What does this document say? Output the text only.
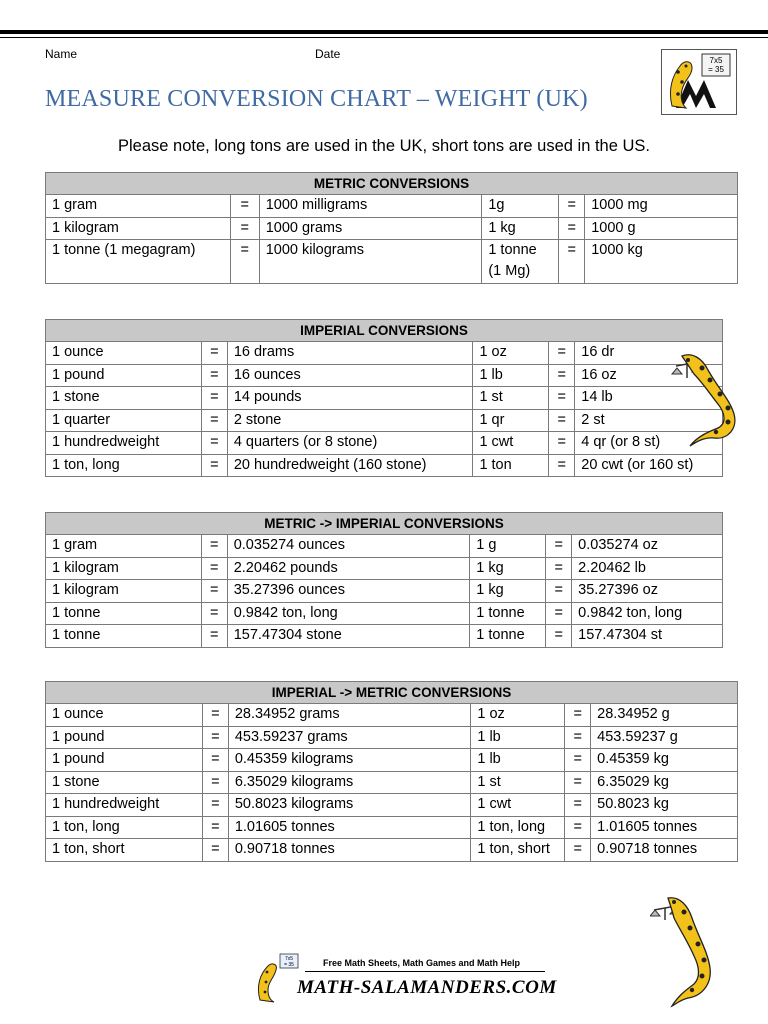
Name	Date
MEASURE CONVERSION CHART – WEIGHT (UK)
7x5
= 35
Please note, long tons are used in the UK, short tons are used in the US.
METRIC CONVERSIONS					
1 gram	=	1000 milligrams	1g	=	1000 mg
1 kilogram	=	1000 grams	1 kg	=	1000 g
1 tonne (1 megagram)	=	1000 kilograms	1 tonne (1 Mg)	=	1000 kg
IMPERIAL CONVERSIONS					
1 ounce	=	16 drams	1 oz	=	16 dr
1 pound	=	16 ounces	1 lb	=	16 oz
1 stone	=	14 pounds	1 st	=	14 lb
1 quarter	=	2 stone	1 qr	=	2 st
1 hundredweight	=	4 quarters (or 8 stone)	1 cwt	=	4 qr (or 8 st)
1 ton, long	=	20 hundredweight (160 stone)	1 ton	=	20 cwt (or 160 st)
METRIC -> IMPERIAL CONVERSIONS					
1 gram	=	0.035274 ounces	1 g	=	0.035274 oz
1 kilogram	=	2.20462 pounds	1 kg	=	2.20462 lb
1 kilogram	=	35.27396 ounces	1 kg	=	35.27396 oz
1 tonne	=	0.9842 ton, long	1 tonne	=	0.9842 ton, long
1 tonne	=	157.47304 stone	1 tonne	=	157.47304 st
IMPERIAL -> METRIC CONVERSIONS					
1 ounce	=	28.34952 grams	1 oz	=	28.34952 g
1 pound	=	453.59237 grams	1 lb	=	453.59237 g
1 pound	=	0.45359 kilograms	1 lb	=	0.45359 kg
1 stone	=	6.35029 kilograms	1 st	=	6.35029 kg
1 hundredweight	=	50.8023 kilograms	1 cwt	=	50.8023 kg
1 ton, long	=	1.01605 tonnes	1 ton, long	=	1.01605 tonnes
1 ton, short	=	0.90718 tonnes	1 ton, short	=	0.90718 tonnes
7x5
= 35	Free Math Sheets, Math Games and Math Help
MATH-SALAMANDERS.COM
